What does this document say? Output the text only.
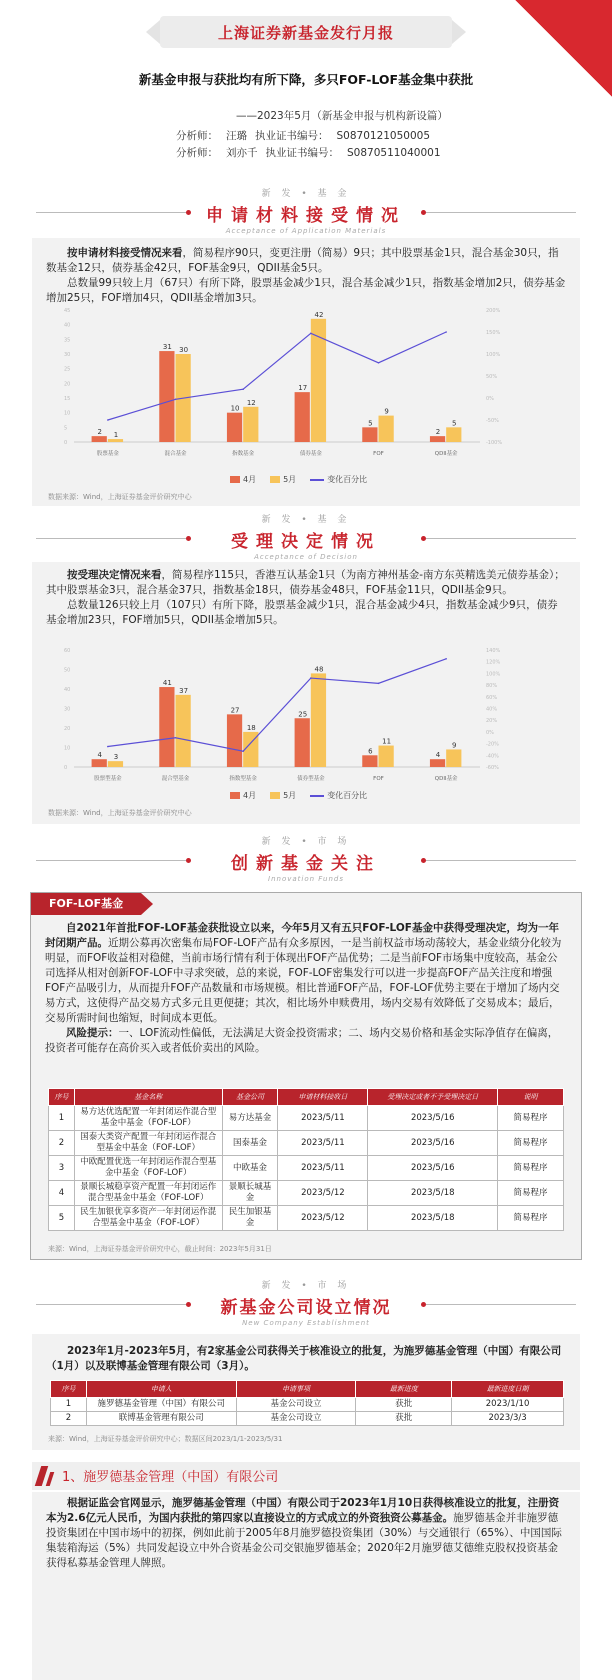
上海证券新基金发行月报
新基金申报与获批均有所下降，多只FOF-LOF基金集中获批
——2023年5月（新基金申报与机构新设篇）
分析师： 汪璐 执业证书编号： S0870121050005
分析师： 刘亦千 执业证书编号： S0870511040001
新 发 • 基 金
申请材料接受情况
Acceptance of Application Materials
按申请材料接受情况来看，简易程序90只，变更注册（简易）9只；其中股票基金1只，混合基金30只，指数基金12只，债券基金42只，FOF基金9只，QDII基金5只。
总数量99只较上月（67只）有所下降，股票基金减少1只，混合基金减少1只，指数基金增加2只，债券基金增加25只，FOF增加4只，QDII基金增加3只。
0
5
10
15
20
25
30
35
40
45
-100%
-50%
0%
50%
100%
150%
200%
2 1
股票基金
31 30
混合基金
10
12
指数基金
17
42
债券基金
5
9
FOF
2
5
QDII基金
4月	5月	变化百分比
数据来源：Wind，上海证券基金评价研究中心
新 发 • 基 金
受理决定情况
Acceptance of Decision
按受理决定情况来看，简易程序115只，香港互认基金1只（为南方神州基金-南方东英精选美元债券基金）；其中股票基金3只，混合基金37只，指数基金18只，债券基金48只，FOF基金11只，QDII基金9只。
总数量126只较上月（107只）有所下降，股票基金减少1只，混合基金减少4只，指数基金减少9只，债券基金增加23只，FOF增加5只，QDII基金增加5只。
0
10
20
30
40
50
60
-60%
-40%
-20%
0%
20%
40%
60%
80%
100%
120%
140%
4 3
股票型基金
41
37
混合型基金
27
18
指数型基金
25
48
债券型基金
6
11
FOF
4
9
QDII基金
4月	5月	变化百分比
数据来源：Wind，上海证券基金评价研究中心
新 发 • 市 场
创新基金关注
Innovation Funds
FOF-LOF基金
自2021年首批FOF-LOF基金获批设立以来，今年5月又有五只FOF-LOF基金中获得受理决定，均为一年封闭期产品。近期公募再次密集布局FOF-LOF产品有众多原因，一是当前权益市场动荡较大，基金业绩分化较为明显，而FOF收益相对稳健，当前市场行情有利于体现出FOF产品优势；二是当前FOF市场集中度较高，基金公司选择从相对创新FOF-LOF中寻求突破，总的来说，FOF-LOF密集发行可以进一步提高FOF产品关注度和增强FOF产品吸引力，从而提升FOF产品数量和市场规模。相比普通FOF产品，FOF-LOF优势主要在于增加了场内交易方式，这使得产品交易方式多元且更便捷；其次，相比场外申赎费用，场内交易有效降低了交易成本；最后，交易所需时间也缩短，时间成本更低。
风险提示：一、LOF流动性偏低，无法满足大资金投资需求；二、场内交易价格和基金实际净值存在偏离，投资者可能存在高价买入或者低价卖出的风险。
序号	基金名称	基金公司	申请材料接收日	受理决定或者不予受理决定日	说明
1	易方达优选配置一年封闭运作混合型基金中基金（FOF-LOF）	易方达基金	2023/5/11	2023/5/16	简易程序
2	国泰大类资产配置一年封闭运作混合型基金中基金（FOF-LOF）	国泰基金	2023/5/11	2023/5/16	简易程序
3	中欧配置优选一年封闭运作混合型基金中基金（FOF-LOF）	中欧基金	2023/5/11	2023/5/16	简易程序
4	景顺长城稳享资产配置一年封闭运作混合型基金中基金（FOF-LOF）	景顺长城基金	2023/5/12	2023/5/18	简易程序
5	民生加银优享多资产一年封闭运作混合型基金中基金（FOF-LOF）	民生加银基金	2023/5/12	2023/5/18	简易程序
来源：Wind，上海证券基金评价研究中心，截止时间：2023年5月31日
新 发 • 市 场
新基金公司设立情况
New Company Establishment
2023年1月-2023年5月，有2家基金公司获得关于核准设立的批复，为施罗德基金管理（中国）有限公司（1月）以及联博基金管理有限公司（3月）。
序号	申请人	申请事项	最新进度	最新进度日期
1	施罗德基金管理（中国）有限公司	基金公司设立	获批	2023/1/10
2	联博基金管理有限公司	基金公司设立	获批	2023/3/3
来源：Wind，上海证券基金评价研究中心；数据区间2023/1/1-2023/5/31
1、施罗德基金管理（中国）有限公司
根据证监会官网显示，施罗德基金管理（中国）有限公司于2023年1月10日获得核准设立的批复，注册资本为2.6亿元人民币，为国内获批的第四家以直接设立的方式成立的外资独资公募基金。施罗德基金并非施罗德投资集团在中国市场中的初探，例如此前于2005年8月施罗德投资集团（30%）与交通银行（65%）、中国国际集装箱海运（5%）共同发起设立中外合资基金公司交银施罗德基金；2020年2月施罗德艾德维克股权投资基金获得私募基金管理人牌照。
